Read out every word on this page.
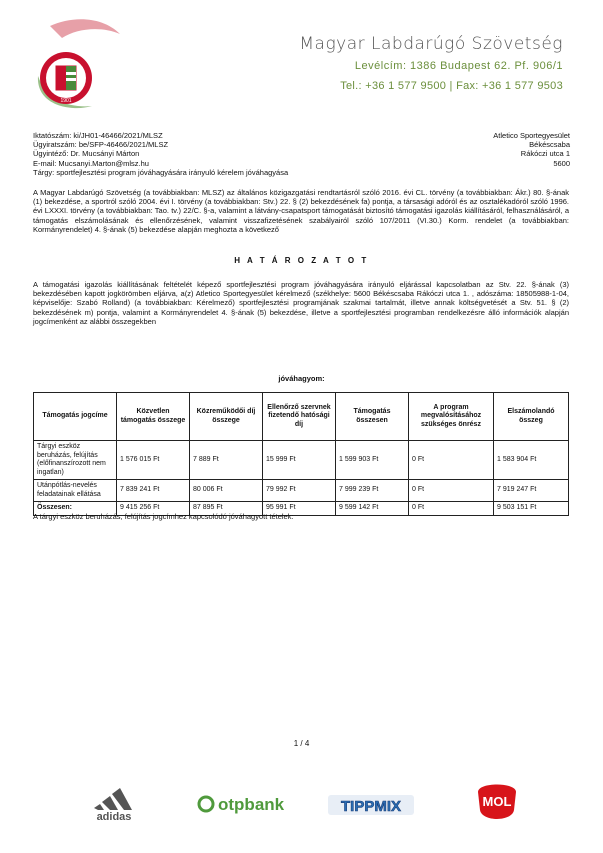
1901
Magyar Labdarúgó Szövetség
Levélcím: 1386 Budapest 62. Pf. 906/1
Tel.: +36 1 577 9500 | Fax: +36 1 577 9503
Iktatószám: ki/JH01-46466/2021/MLSZ
Ügyiratszám: be/SFP-46466/2021/MLSZ
Ügyintéző: Dr. Mucsányi Márton
E-mail: Mucsanyi.Marton@mlsz.hu
Tárgy: sportfejlesztési program jóváhagyására irányuló kérelem jóváhagyása
Atletico Sportegyesület
Békéscsaba
Rákóczi utca 1
5600
A Magyar Labdarúgó Szövetség (a továbbiakban: MLSZ) az általános közigazgatási rendtartásról szóló 2016. évi CL. törvény (a továbbiakban: Ákr.) 80. §-ának (1) bekezdése, a sportról szóló 2004. évi I. törvény (a továbbiakban: Stv.) 22. § (2) bekezdésének fa) pontja, a társasági adóról és az osztalékadóról szóló 1996. évi LXXXI. törvény (a továbbiakban: Tao. tv.) 22/C. §-a, valamint a látvány-csapatsport támogatását biztosító támogatási igazolás kiállításáról, felhasználásáról, a támogatás elszámolásának és ellenőrzésének, valamint visszafizetésének szabályairól szóló 107/2011 (VI.30.) Korm. rendelet (a továbbiakban: Kormányrendelet) 4. §-ának (5) bekezdése alapján meghozta a következő
H A T Á R O Z A T O T
A támogatási igazolás kiállításának feltételét képező sportfejlesztési program jóváhagyására irányuló eljárással kapcsolatban az Stv. 22. §-ának (3) bekezdésében kapott jogkörömben eljárva, a(z) Atletico Sportegyesület kérelmező (székhelye: 5600 Békéscsaba Rákóczi utca 1. , adószáma: 18505988-1-04, képviselője: Szabó Rolland) (a továbbiakban: Kérelmező) sportfejlesztési programjának szakmai tartalmát, illetve annak költségvetését a Stv. 51. § (2) bekezdésének m) pontja, valamint a Kormányrendelet 4. §-ának (5) bekezdése, illetve a sportfejlesztési programban rendelkezésre álló információk alapján jogcímenként az alábbi összegekben
jóváhagyom:
Támogatás jogcíme	Közvetlen támogatás összege	Közreműködői díj összege	Ellenőrző szervnek fizetendő hatósági díj	Támogatás összesen	A program megvalósításához szükséges önrész	Elszámolandó összeg
Tárgyi eszköz beruházás, felújítás (előfinanszírozott nem ingatlan)	1 576 015 Ft	7 889 Ft	15 999 Ft	1 599 903 Ft	0 Ft	1 583 904 Ft
Utánpótlás-nevelés feladatainak ellátása	7 839 241 Ft	80 006 Ft	79 992 Ft	7 999 239 Ft	0 Ft	7 919 247 Ft
Összesen:	9 415 256 Ft	87 895 Ft	95 991 Ft	9 599 142 Ft	0 Ft	9 503 151 Ft
A tárgyi eszköz beruházás, felújítás jogcímhez kapcsolódó jóváhagyott tételek:
1 / 4
adidas
otpbank	TIPPMIX	MOL
